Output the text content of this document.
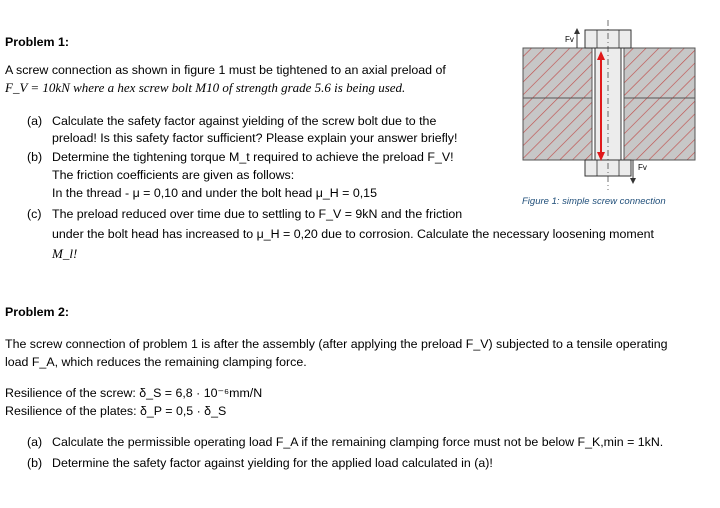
Problem 1:
A screw connection as shown in figure 1 must be tightened to an axial preload of
F_V = 10kN where a hex screw bolt M10 of strength grade 5.6 is being used.
(a) Calculate the safety factor against yielding of the screw bolt due to the
preload! Is this safety factor sufficient? Please explain your answer briefly!
(b) Determine the tightening torque M_t required to achieve the preload F_V!
The friction coefficients are given as follows:
In the thread - μ = 0,10 and under the bolt head μ_H = 0,15
(c) The preload reduced over time due to settling to F_V = 9kN and the friction
under the bolt head has increased to μ_H = 0,20 due to corrosion. Calculate the necessary loosening moment
M_l!
Fv
Fv
Figure 1: simple screw connection
Problem 2:
The screw connection of problem 1 is after the assembly (after applying the preload F_V) subjected to a tensile operating
load F_A, which reduces the remaining clamping force.
Resilience of the screw: δ_S = 6,8 · 10⁻⁶mm/N
Resilience of the plates: δ_P = 0,5 · δ_S
(a) Calculate the permissible operating load F_A if the remaining clamping force must not be below F_K,min = 1kN.
(b) Determine the safety factor against yielding for the applied load calculated in (a)!
